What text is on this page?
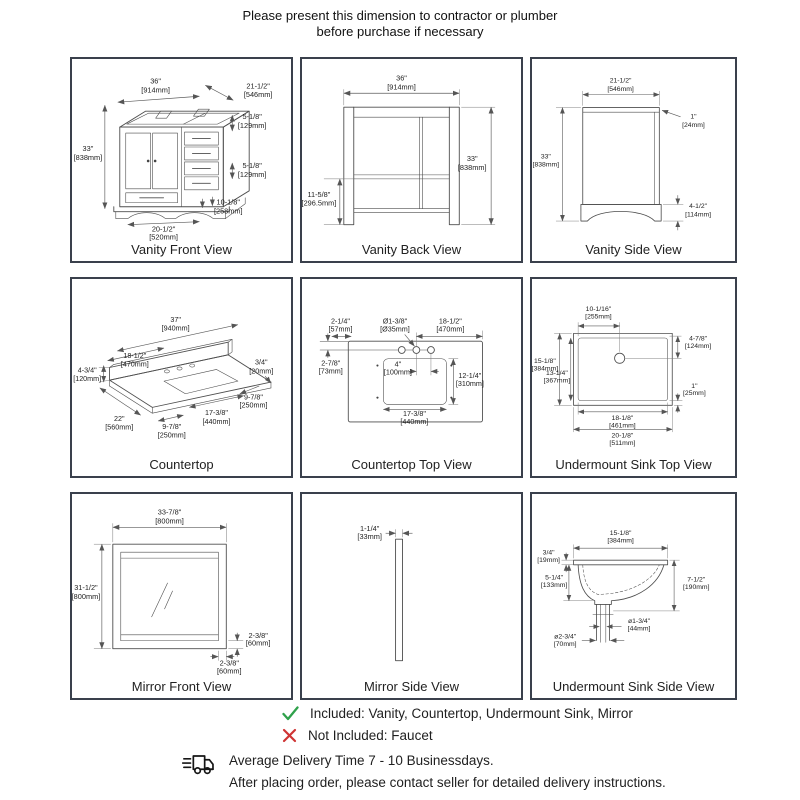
Please present this dimension to contractor or plumber
before purchase if necessary
36"
[914mm]	21-1/2"
[546mm]
5-1/8"
[129mm]
33"
[838mm]
5-1/8"
[129mm]
10-1/8"
[258mm]
20-1/2"
[520mm]
Vanity Front View
36"
[914mm]
33"
[838mm]
11-5/8"
[296.5mm]
Vanity Back View
21-1/2"
[546mm]
1"
[24mm]
33"
[838mm]
4-1/2"
[114mm]
Vanity Side View
37"
[940mm]
18-1/2"
[470mm]
4-3/4"
[120mm]
22"
[560mm]	9-7/8"
[250mm]
17-3/8"
[440mm]
9-7/8"
[250mm]
3/4"
[20mm]
Countertop
2-1/4"
[57mm]
Ø1-3/8"
[Ø35mm]
18-1/2"
[470mm]
2-7/8"
[73mm]
4"
[100mm]	12-1/4"
[310mm]
17-3/8"
[440mm]
Countertop Top View
10-1/16"
[255mm]
4-7/8"
[124mm]
15-1/8"
[384mm]
13-1/4"
[367mm]
1"
[25mm]
18-1/8"
[461mm]
20-1/8"
[511mm]
Undermount Sink Top View
33-7/8"
[800mm]
31-1/2"
[800mm]
2-3/8"
[60mm]
2-3/8"
[60mm]
Mirror Front View
1-1/4"
[33mm]
Mirror Side View
15-1/8"
[384mm]
3/4"
[19mm]
5-1/4"
[133mm]
7-1/2"
[190mm]
ø1-3/4"
[44mm]
ø2-3/4"
[70mm]
Undermount Sink Side View
Included: Vanity, Countertop, Undermount Sink, Mirror
Not Included: Faucet
Average Delivery Time 7 - 10 Businessdays.
After placing order, please contact seller for detailed delivery instructions.
